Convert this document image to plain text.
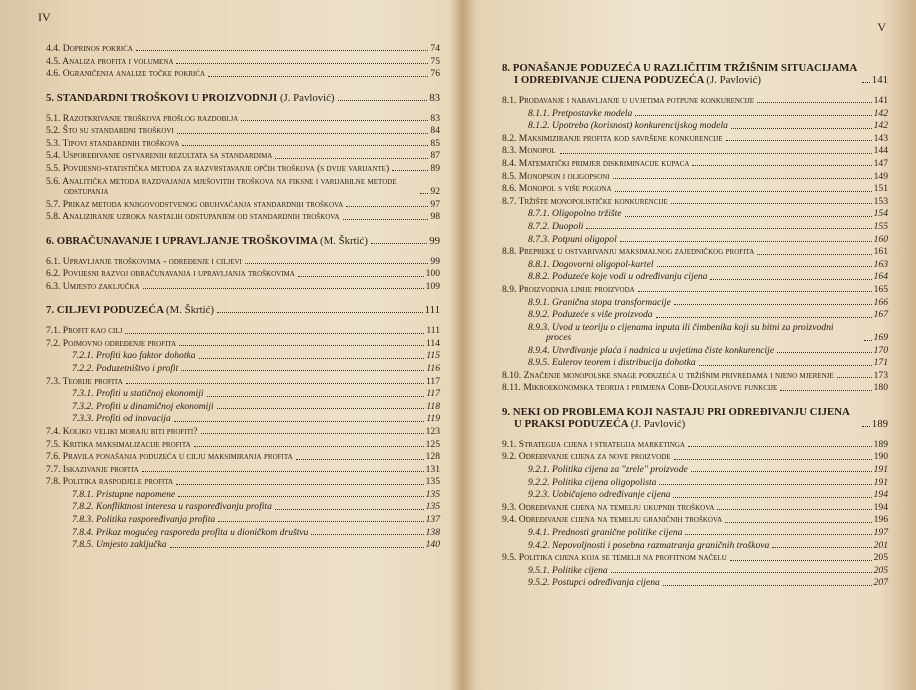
IV
4.4. Doprinos pokrića	74
4.5. Analiza profita i volumena	75
4.6. Ograničenja analize točke pokrića	76
5. STANDARDNI TROŠKOVI U PROIZVODNJI (J. Pavlović)	83
5.1. Razotkrivanje troškova prošlog razdoblja	83
5.2. Što su standardni troškovi	84
5.3. Tipovi standardnih troškova	85
5.4. Uspoređivanje ostvarenih rezultata sa standardima	87
5.5. Povijesno-statistička metoda za razvrstavanje opčih troškova (s dvije varijante)	89
5.6. Analitička metoda razdvajanja mješovitih troškova na fiksne i varijabilne metode odstupanja	92
5.7. Prikaz metoda knjigovodstvenog obuhvaćanja standardnih troškova	97
5.8. Analiziranje uzroka nastalih odstupanjem od standardnih troškova	98
6. OBRAČUNAVANJE I UPRAVLJANJE TROŠKOVIMA (M. Škrtić)	99
6.1. Upravljanje troškovima - određenje i ciljevi	99
6.2. Povijesni razvoj obračunavanja i upravljanja troškovima	100
6.3. Umjesto zaključka	109
7. CILJEVI PODUZEĆA (M. Škrtić)	111
7.1. Profit kao cilj	111
7.2. Pojmovno određenje profita	114
7.2.1. Profiti kao faktor dohotka	115
7.2.2. Poduzetništvo i profit	116
7.3. Teorije profita	117
7.3.1. Profiti u statičnoj ekonomiji	117
7.3.2. Profiti u dinamičnoj ekonomiji	118
7.3.3. Profiti od inovacija	119
7.4. Koliko veliki moraju biti profiti?	123
7.5. Kritika maksimalizacije profita	125
7.6. Pravila ponašanja poduzeća u cilju maksimiranja profita	128
7.7. Iskazivanje profita	131
7.8. Politika raspodjele profita	135
7.8.1. Pristupne napomene	135
7.8.2. Konfliktnost interesa u raspoređivanju profita	135
7.8.3. Politika raspoređivanja profita	137
7.8.4. Prikaz mogućeg rasporeda profita u dioničkom društvu	138
7.8.5. Umjesto zaključka	140
V
8. PONAŠANJE PODUZEĆA U RAZLIČITIM TRŽIŠNIM SITUACIJAMA I ODREĐIVANJE CIJENA PODUZEĆA (J. Pavlović)	141
8.1. Prodavanje i nabavljanje u uvjetima potpune konkurencije	141
8.1.1. Pretpostavke modela	142
8.1.2. Upotreba (korisnost) konkurencijskog modela	142
8.2. Maksimiziranje profita kod savršene konkurencije	143
8.3. Monopol	144
8.4. Matematički primjer diskriminacije kupaca	147
8.5. Monopson i oligopsoni	149
8.6. Monopol s više pogona	151
8.7. Tržište monopolističke konkurencije	153
8.7.1. Oligopolno tržište	154
8.7.2. Duopoli	155
8.7.3. Potpuni oligopol	160
8.8. Prepreke u ostvarivanju maksimalnog zajedničkog profita	161
8.8.1. Dogovorni oligopol-kartel	163
8.8.2. Poduzeće koje vodi u određivanju cijena	164
8.9. Proizvodnja linije proizvoda	165
8.9.1. Granična stopa transformacije	166
8.9.2. Poduzeće s više proizvoda	167
8.9.3. Uvod u teoriju o cijenama inputa ili čimbenika koji su bitni za proizvodni proces	169
8.9.4. Utvrđivanje plaća i nadnica u uvjetima čiste konkurencije	170
8.9.5. Eulerov teorem i distribucija dohotka	171
8.10. Značenje monopolske snage poduzeća u tržišnim privredama i njeno mjerenje	173
8.11. Mikroekonomska teorija i primjena Cobb-Douglasove funkcije	180
9. NEKI OD PROBLEMA KOJI NASTAJU PRI ODREĐIVANJU CIJENA U PRAKSI PODUZEĆA (J. Pavlović)	189
9.1. Strategija cijena i strategija marketinga	189
9.2. Određivanje cijena za nove proizvode	190
9.2.1. Politika cijena za "zrele" proizvode	191
9.2.2. Politika cijena oligopolista	191
9.2.3. Uobičajeno određivanje cijena	194
9.3. Određivanje cijena na temelju ukupnih troškova	194
9.4. Određivanje cijena na temelju graničnih troškova	196
9.4.1. Prednosti granične politike cijena	197
9.4.2. Nepovoljnosti i posebna razmatranja graničnih troškova	201
9.5. Politika cijena koja se temelji na profitnom načelu	205
9.5.1. Politike cijena	205
9.5.2. Postupci određivanja cijena	207
